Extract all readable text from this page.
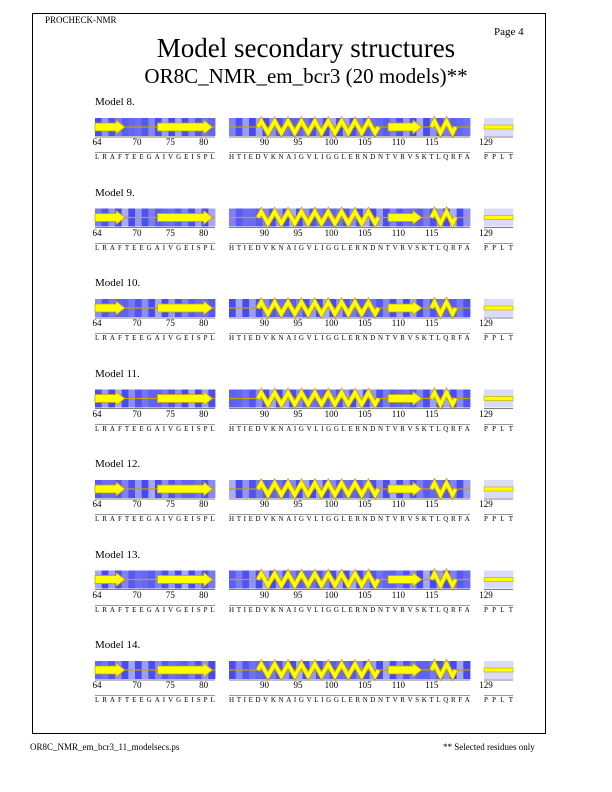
PROCHECK-NMR
Page 4
Model secondary structures
OR8C_NMR_em_bcr3 (20 models)**
Model 8.
64	70	75	80
L R A F T E E G A I V G E I S P L
90	95 100 105 110 115
H T I E D V K N A I G V L I G G L E R N D N T V R V S K T L Q R F A
129
P P L T
Model 9.
64	70	75	80
L R A F T E E G A I V G E I S P L
90	95 100 105 110 115
H T I E D V K N A I G V L I G G L E R N D N T V R V S K T L Q R F A
129
P P L T
Model 10.
64	70	75	80
L R A F T E E G A I V G E I S P L
90	95 100 105 110 115
H T I E D V K N A I G V L I G G L E R N D N T V R V S K T L Q R F A
129
P P L T
Model 11.
64	70	75	80
L R A F T E E G A I V G E I S P L
90	95 100 105 110 115
H T I E D V K N A I G V L I G G L E R N D N T V R V S K T L Q R F A
129
P P L T
Model 12.
64	70	75	80
L R A F T E E G A I V G E I S P L
90	95 100 105 110 115
H T I E D V K N A I G V L I G G L E R N D N T V R V S K T L Q R F A
129
P P L T
Model 13.
64	70	75	80
L R A F T E E G A I V G E I S P L
90	95 100 105 110 115
H T I E D V K N A I G V L I G G L E R N D N T V R V S K T L Q R F A
129
P P L T
Model 14.
64	70	75	80
L R A F T E E G A I V G E I S P L
90	95 100 105 110 115
H T I E D V K N A I G V L I G G L E R N D N T V R V S K T L Q R F A
129
P P L T
OR8C_NMR_em_bcr3_11_modelsecs.ps	** Selected residues only
